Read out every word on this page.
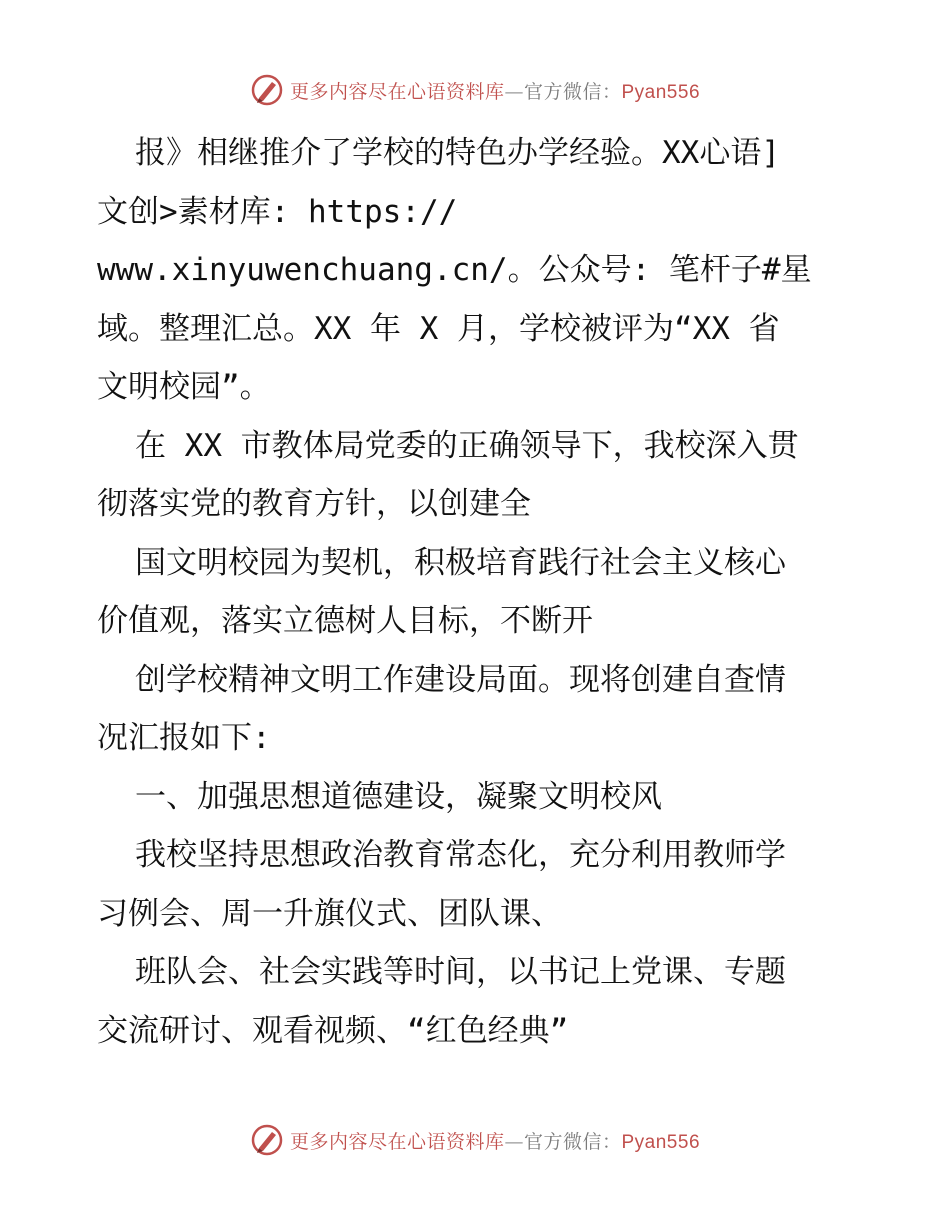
更多内容尽在心语资料库—官方微信：Pyan556
报》相继推介了学校的特色办学经验。XX心语]
文创>素材库: https://
www.xinyuwenchuang.cn/。公众号: 笔杆子#星
域。整理汇总。XX 年 X 月，学校被评为“XX 省
文明校园”。
在 XX 市教体局党委的正确领导下，我校深入贯
彻落实党的教育方针，以创建全
国文明校园为契机，积极培育践行社会主义核心
价值观，落实立德树人目标，不断开
创学校精神文明工作建设局面。现将创建自查情
况汇报如下:
一、加强思想道德建设，凝聚文明校风
我校坚持思想政治教育常态化，充分利用教师学
习例会、周一升旗仪式、团队课、
班队会、社会实践等时间，以书记上党课、专题
交流研讨、观看视频、“红色经典”
更多内容尽在心语资料库—官方微信：Pyan556
